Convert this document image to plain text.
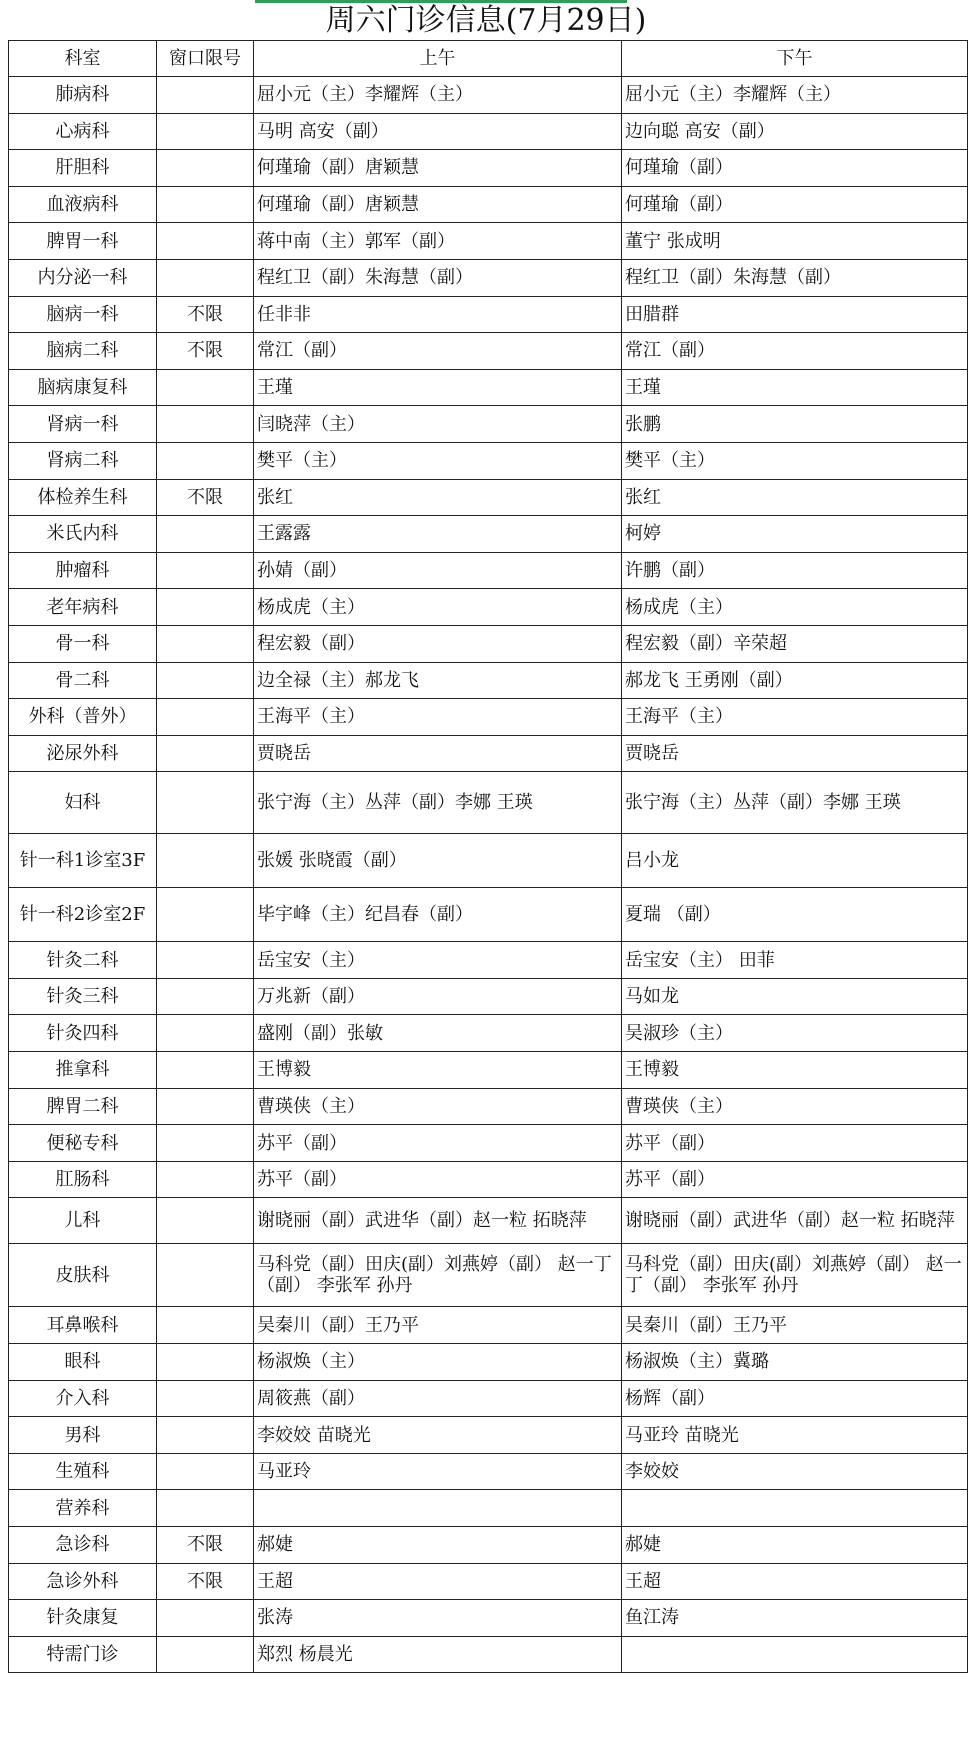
周六门诊信息(7月29日)
科室	窗口限号	上午	下午
肺病科		屈小元（主）李耀辉（主）	屈小元（主）李耀辉（主）
心病科		马明 高安（副）	边向聪 高安（副）
肝胆科		何瑾瑜（副）唐颖慧	何瑾瑜（副）
血液病科		何瑾瑜（副）唐颖慧	何瑾瑜（副）
脾胃一科		蒋中南（主）郭军（副）	董宁 张成明
内分泌一科		程红卫（副）朱海慧（副）	程红卫（副）朱海慧（副）
脑病一科	不限	任非非	田腊群
脑病二科	不限	常江（副）	常江（副）
脑病康复科		王瑾	王瑾
肾病一科		闫晓萍（主）	张鹏
肾病二科		樊平（主）	樊平（主）
体检养生科	不限	张红	张红
米氏内科		王露露	柯婷
肿瘤科		孙婧（副）	许鹏（副）
老年病科		杨成虎（主）	杨成虎（主）
骨一科		程宏毅（副）	程宏毅（副）辛荣超
骨二科		边全禄（主）郝龙飞	郝龙飞 王勇刚（副）
外科（普外）		王海平（主）	王海平（主）
泌尿外科		贾晓岳	贾晓岳
妇科		张宁海（主）丛萍（副）李娜 王瑛	张宁海（主）丛萍（副）李娜 王瑛
针一科1诊室3F		张媛 张晓霞（副）	吕小龙
针一科2诊室2F		毕宇峰（主）纪昌春（副）	夏瑞 （副）
针灸二科		岳宝安（主）	岳宝安（主） 田菲
针灸三科		万兆新（副）	马如龙
针灸四科		盛刚（副）张敏	吴淑珍（主）
推拿科		王博毅	王博毅
脾胃二科		曹瑛侠（主）	曹瑛侠（主）
便秘专科		苏平（副）	苏平（副）
肛肠科		苏平（副）	苏平（副）
儿科		谢晓丽（副）武进华（副）赵一粒 拓晓萍	谢晓丽（副）武进华（副）赵一粒 拓晓萍
皮肤科		马科党（副）田庆(副）刘燕婷（副） 赵一丁（副） 李张军 孙丹	马科党（副）田庆(副）刘燕婷（副） 赵一丁（副） 李张军 孙丹
耳鼻喉科		吴秦川（副）王乃平	吴秦川（副）王乃平
眼科		杨淑焕（主）	杨淑焕（主）冀璐
介入科		周筱燕（副）	杨辉（副）
男科		李姣姣 苗晓光	马亚玲 苗晓光
生殖科		马亚玲	李姣姣
营养科			
急诊科	不限	郝婕	郝婕
急诊外科	不限	王超	王超
针灸康复		张涛	鱼江涛
特需门诊		郑烈 杨晨光	
